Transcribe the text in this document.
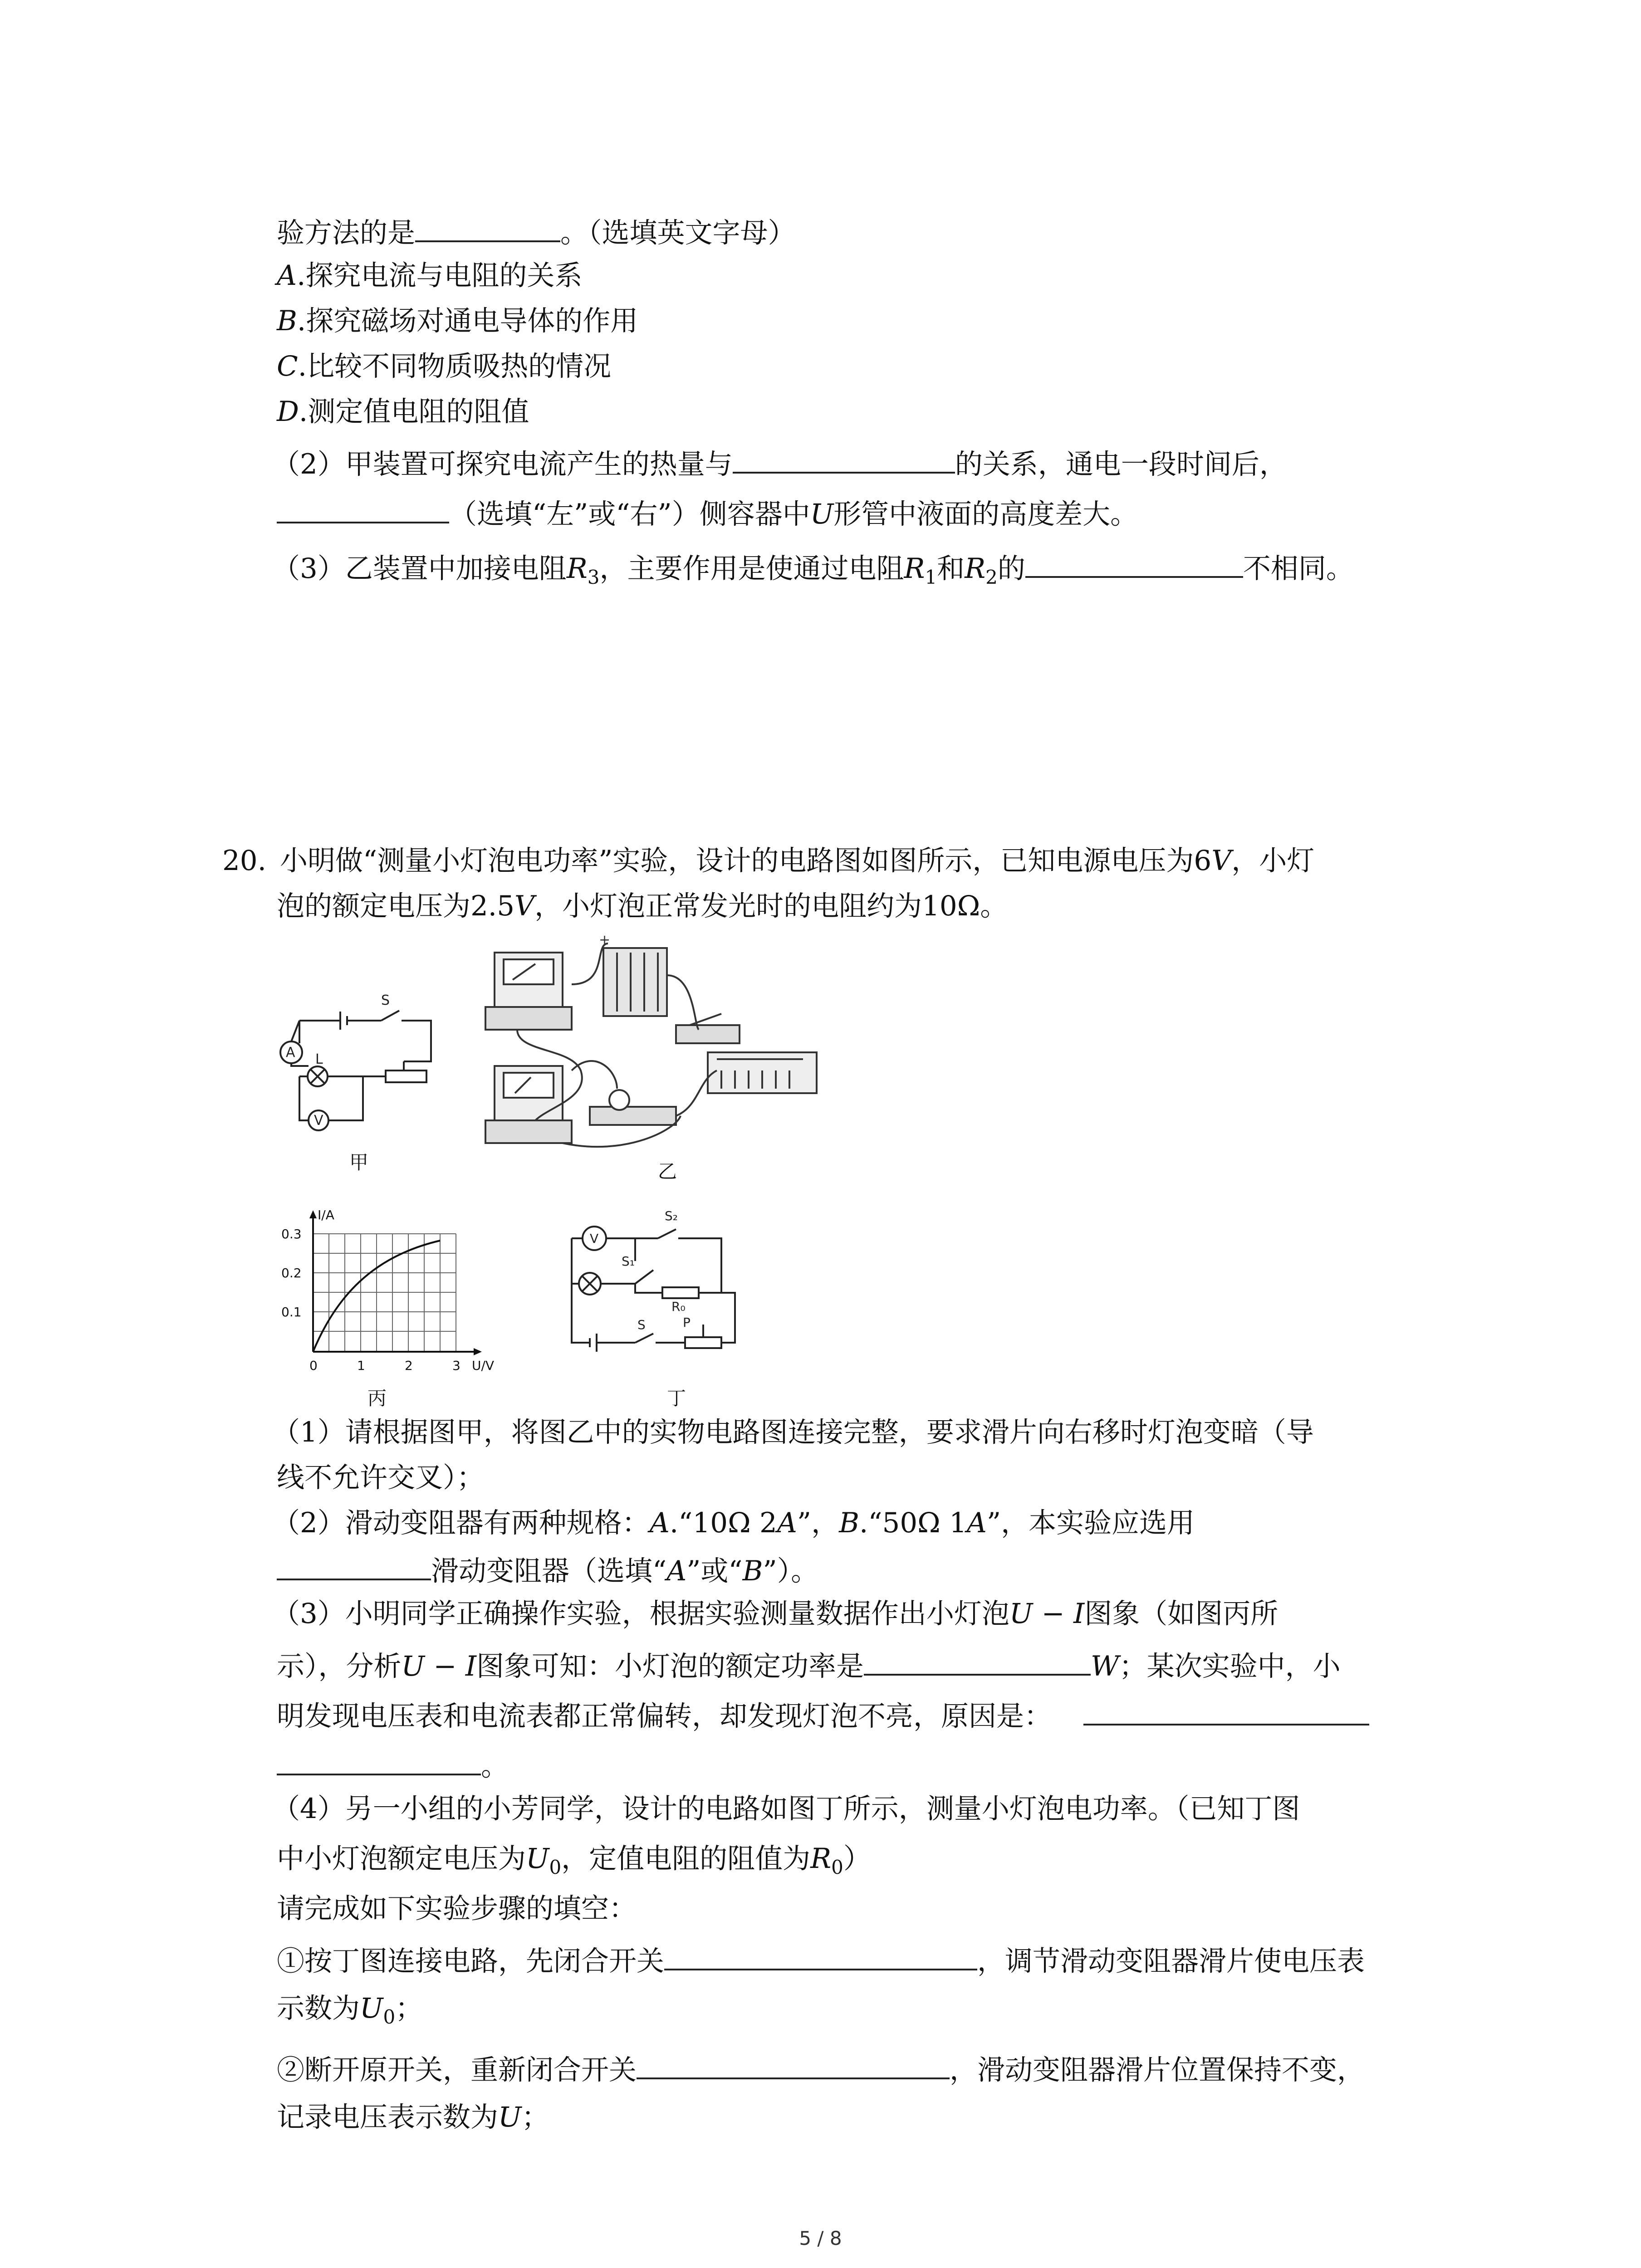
验方法的是	。（选填英文字母）
A.探究电流与电阻的关系
B.探究磁场对通电导体的作用
C.比较不同物质吸热的情况
D.测定值电阻的阻值
（2）甲装置可探究电流产生的热量与	的关系，通电一段时间后，
（选填“左”或“右”）侧容器中U形管中液面的高度差大。
（3）乙装置中加接电阻$R_3$，主要作用是使通过电阻$R_1$和$R_2$的	不相同。
20. 小明做“测量小灯泡电功率”实验，设计的电路图如图所示，已知电源电压为6V，小灯
泡的额定电压为2.5V，小灯泡正常发光时的电阻约为10Ω。
A
V
S
L
甲
+
乙
I/A
U/V
0.3
0.2
0.1
0	1	2	3
丙
V
S₂
S₁
R₀
S	P
丁
（1）请根据图甲，将图乙中的实物电路图连接完整，要求滑片向右移时灯泡变暗（导
线不允许交叉）；
（2）滑动变阻器有两种规格：A.“10Ω 2A”，B.“50Ω 1A”，本实验应选用
滑动变阻器（选填“A”或“B”）。
（3）小明同学正确操作实验，根据实验测量数据作出小灯泡U − I图象（如图丙所
示），分析U − I图象可知：小灯泡的额定功率是	W；某次实验中，小
明发现电压表和电流表都正常偏转，却发现灯泡不亮，原因是：
。
（4）另一小组的小芳同学，设计的电路如图丁所示，测量小灯泡电功率。（已知丁图
中小灯泡额定电压为$U_0$，定值电阻的阻值为$R_0$）
请完成如下实验步骤的填空：
①按丁图连接电路，先闭合开关	，调节滑动变阻器滑片使电压表
示数为$U_0$；
②断开原开关，重新闭合开关	，滑动变阻器滑片位置保持不变，
记录电压表示数为U；
5 / 8
